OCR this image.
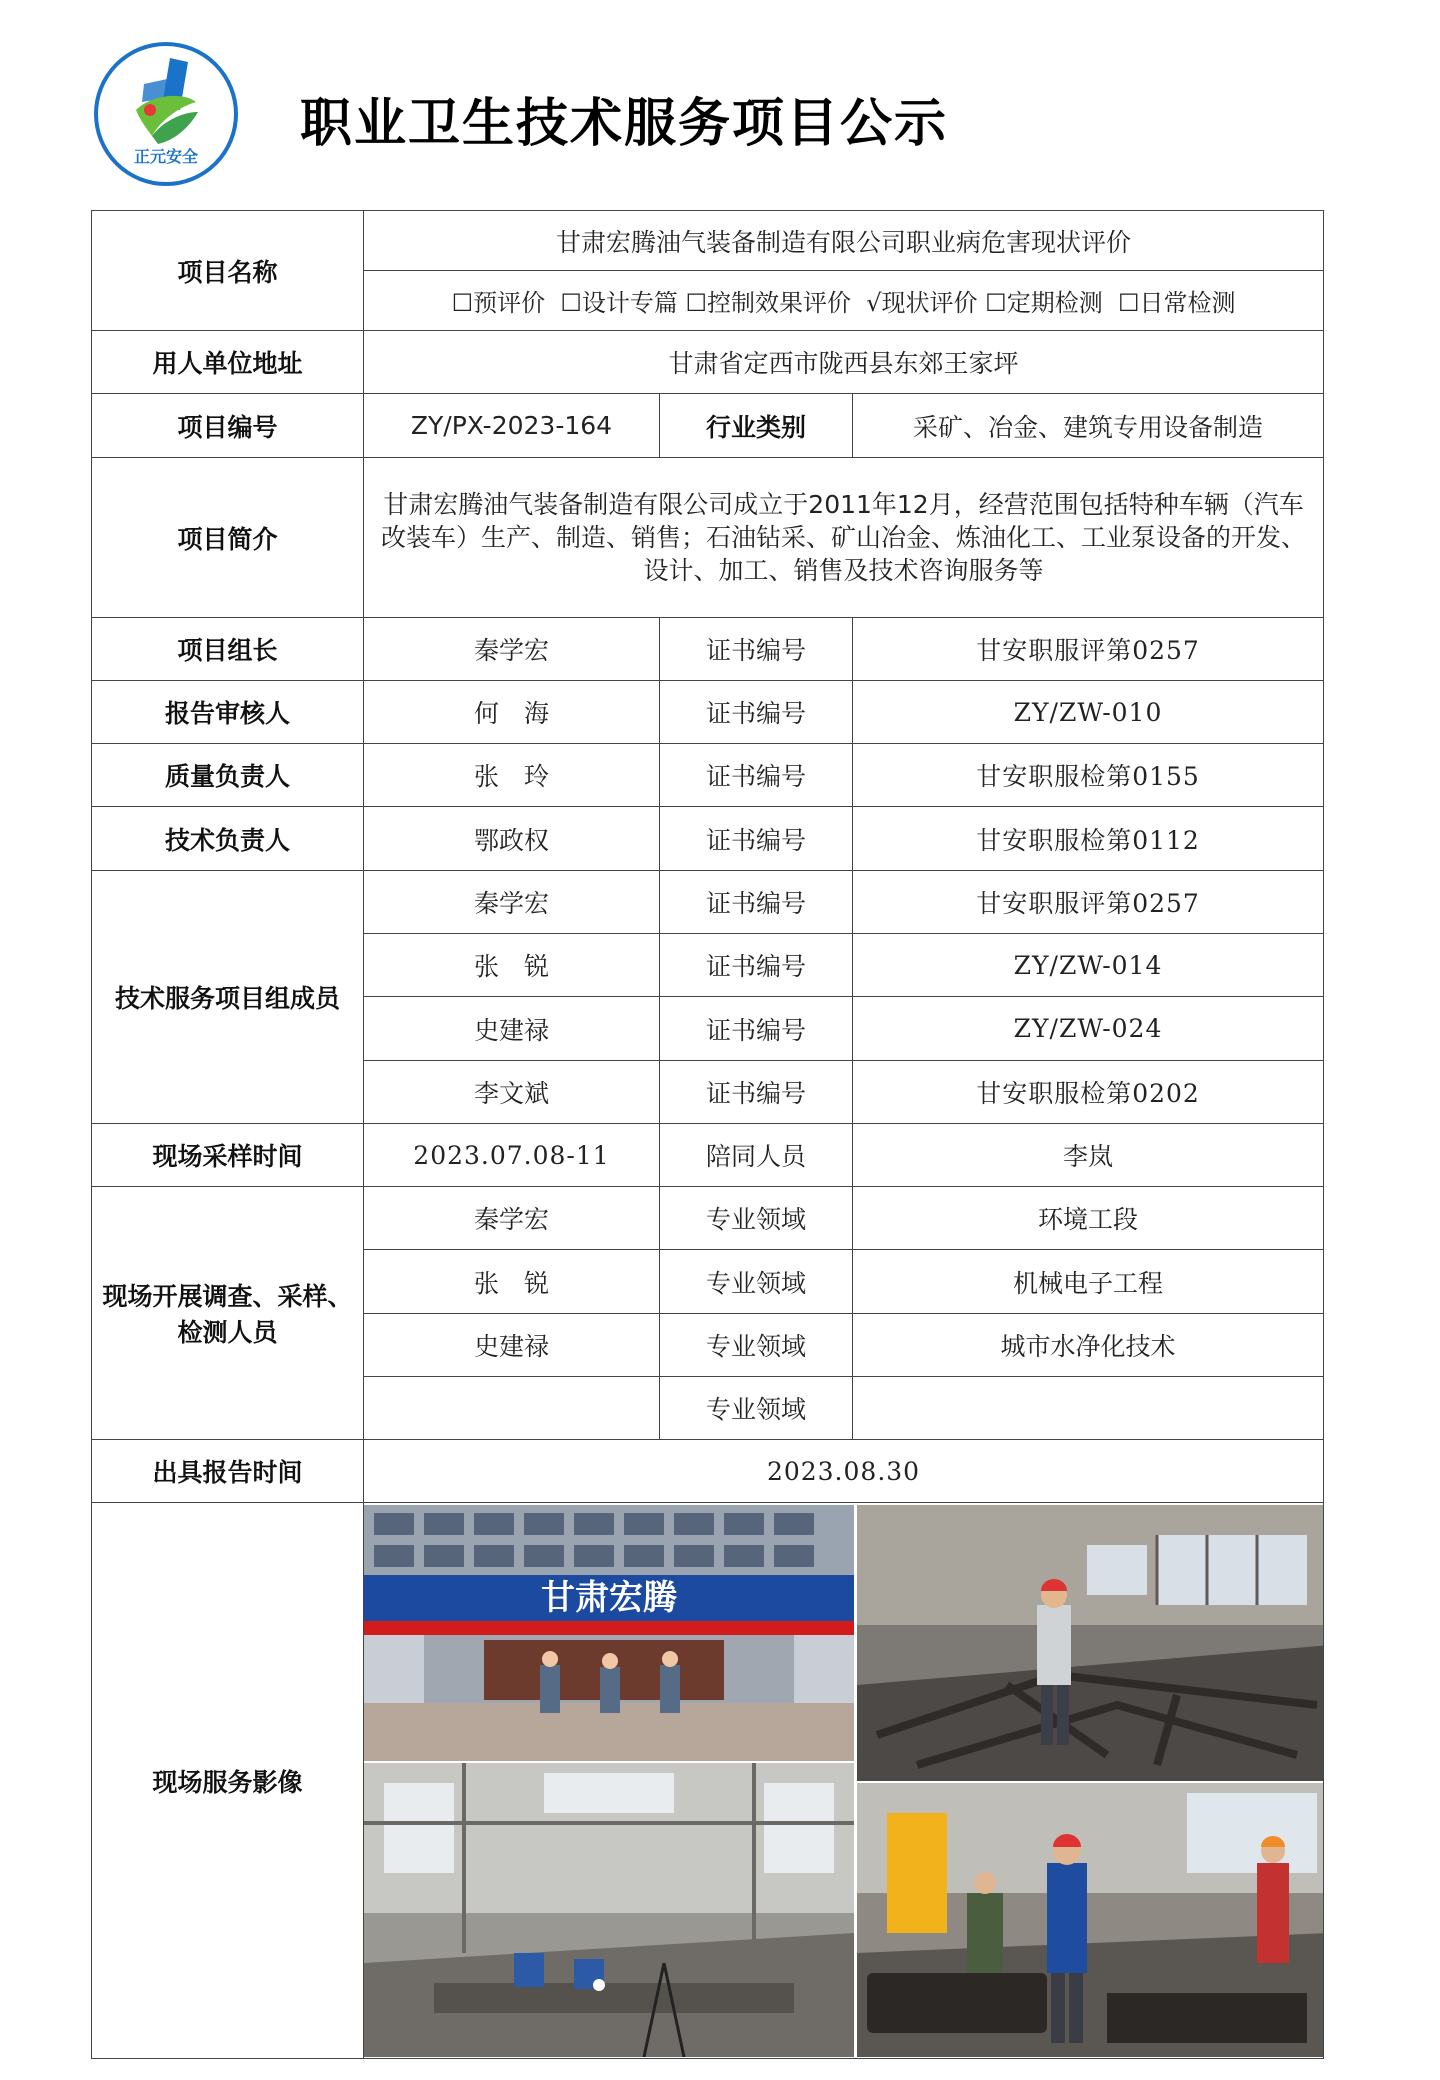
正元安全
职业卫生技术服务项目公示
项目名称	甘肃宏腾油气装备制造有限公司职业病危害现状评价		
	☐预评价  ☐设计专篇 ☐控制效果评价  √现状评价 ☐定期检测  ☐日常检测		
用人单位地址	甘肃省定西市陇西县东郊王家坪		
项目编号	ZY/PX-2023-164	行业类别	采矿、冶金、建筑专用设备制造
项目简介	甘肃宏腾油气装备制造有限公司成立于2011年12月，经营范围包括特种车辆（汽车改装车）生产、制造、销售；石油钻采、矿山冶金、炼油化工、工业泵设备的开发、设计、加工、销售及技术咨询服务等		
项目组长	秦学宏	证书编号	甘安职服评第0257
报告审核人	何　海	证书编号	ZY/ZW-010
质量负责人	张　玲	证书编号	甘安职服检第0155
技术负责人	鄂政权	证书编号	甘安职服检第0112
技术服务项目组成员	秦学宏	证书编号	甘安职服评第0257
	张　锐	证书编号	ZY/ZW-014
	史建禄	证书编号	ZY/ZW-024
	李文斌	证书编号	甘安职服检第0202
现场采样时间	2023.07.08-11	陪同人员	李岚
现场开展调查、采样、检测人员	秦学宏	专业领域	环境工段
	张　锐	专业领域	机械电子工程
	史建禄	专业领域	城市水净化技术
		专业领域	
出具报告时间	2023.08.30		
现场服务影像	甘肃宏腾		
